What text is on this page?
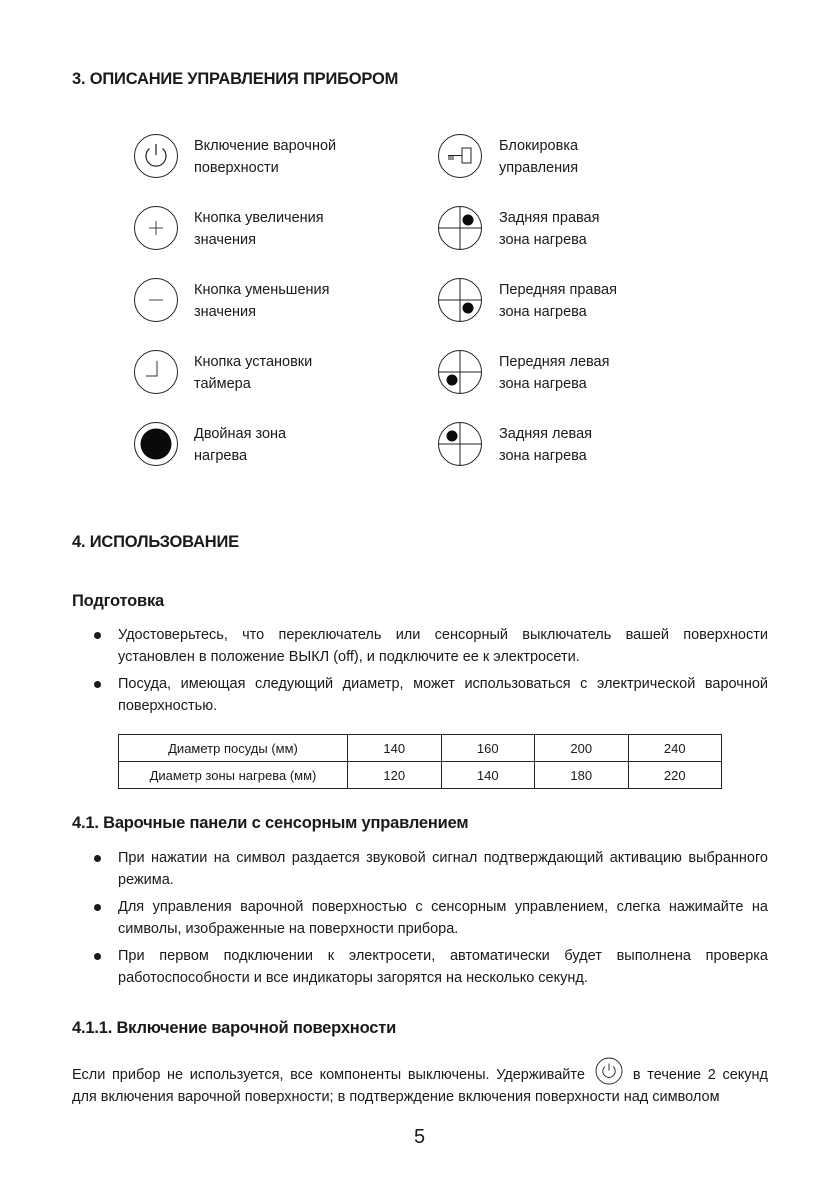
3. ОПИСАНИЕ УПРАВЛЕНИЯ ПРИБОРОМ
Включение варочной
поверхности
Кнопка увеличения
значения
Кнопка уменьшения
значения
Кнопка установки
таймера
Двойная зона
нагрева
Блокировка
управления
Задняя правая
зона нагрева
Передняя правая
зона нагрева
Передняя левая
зона нагрева
Задняя левая
зона нагрева
4. ИСПОЛЬЗОВАНИЕ
Подготовка
Удостоверьтесь, что переключатель или сенсорный выключатель вашей поверхности установлен в положение ВЫКЛ (off), и подключите ее к электросети.
Посуда, имеющая следующий диаметр, может использоваться с электрической варочной поверхностью.
Диаметр посуды (мм)	140	160	200	240
Диаметр зоны нагрева (мм)	120	140	180	220
4.1. Варочные панели с сенсорным управлением
При нажатии на символ раздается звуковой сигнал подтверждающий активацию выбранного режима.
Для управления варочной поверхностью с сенсорным управлением, слегка нажимайте на символы, изображенные на поверхности прибора.
При первом подключении к электросети, автоматически будет выполнена проверка работоспособности и все индикаторы загорятся на несколько секунд.
4.1.1. Включение варочной поверхности

Если прибор не используется, все компоненты выключены. Удерживайте	в течение 2 секунд для включения варочной поверхности; в подтверждение включения поверхности над символом

5
